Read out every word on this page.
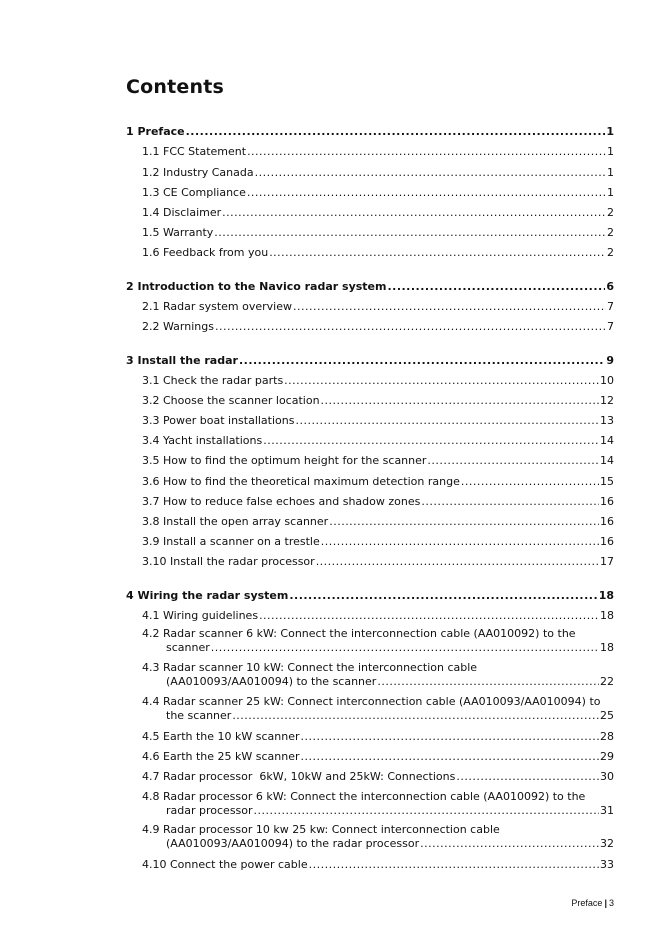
Contents
1 Preface .....	1
1.1 FCC Statement .....	1
1.2 Industry Canada .....	1
1.3 CE Compliance .....	1
1.4 Disclaimer .....	2
1.5 Warranty .....	2
1.6 Feedback from you .....	2
2 Introduction to the Navico radar system .....	6
2.1 Radar system overview .....	7
2.2 Warnings .....	7
3 Install the radar .....	9
3.1 Check the radar parts .....	10
3.2 Choose the scanner location .....	12
3.3 Power boat installations .....	13
3.4 Yacht installations .....	14
3.5 How to find the optimum height for the scanner .....	14
3.6 How to find the theoretical maximum detection range .....	15
3.7 How to reduce false echoes and shadow zones .....	16
3.8 Install the open array scanner .....	16
3.9 Install a scanner on a trestle .....	16
3.10 Install the radar processor .....	17
4 Wiring the radar system .....	18
4.1 Wiring guidelines .....	18
4.2 Radar scanner 6 kW: Connect the interconnection cable (AA010092) to the
scanner .....	18
4.3 Radar scanner 10 kW: Connect the interconnection cable
(AA010093/AA010094) to the scanner .....	22
4.4 Radar scanner 25 kW: Connect interconnection cable (AA010093/AA010094) to
the scanner .....	25
4.5 Earth the 10 kW scanner .....	28
4.6 Earth the 25 kW scanner .....	29
4.7 Radar processor  6kW, 10kW and 25kW: Connections .....	30
4.8 Radar processor 6 kW: Connect the interconnection cable (AA010092) to the
radar processor .....	31
4.9 Radar processor 10 kw 25 kw: Connect interconnection cable
(AA010093/AA010094) to the radar processor .....	32
4.10 Connect the power cable .....	33
Preface | 3
